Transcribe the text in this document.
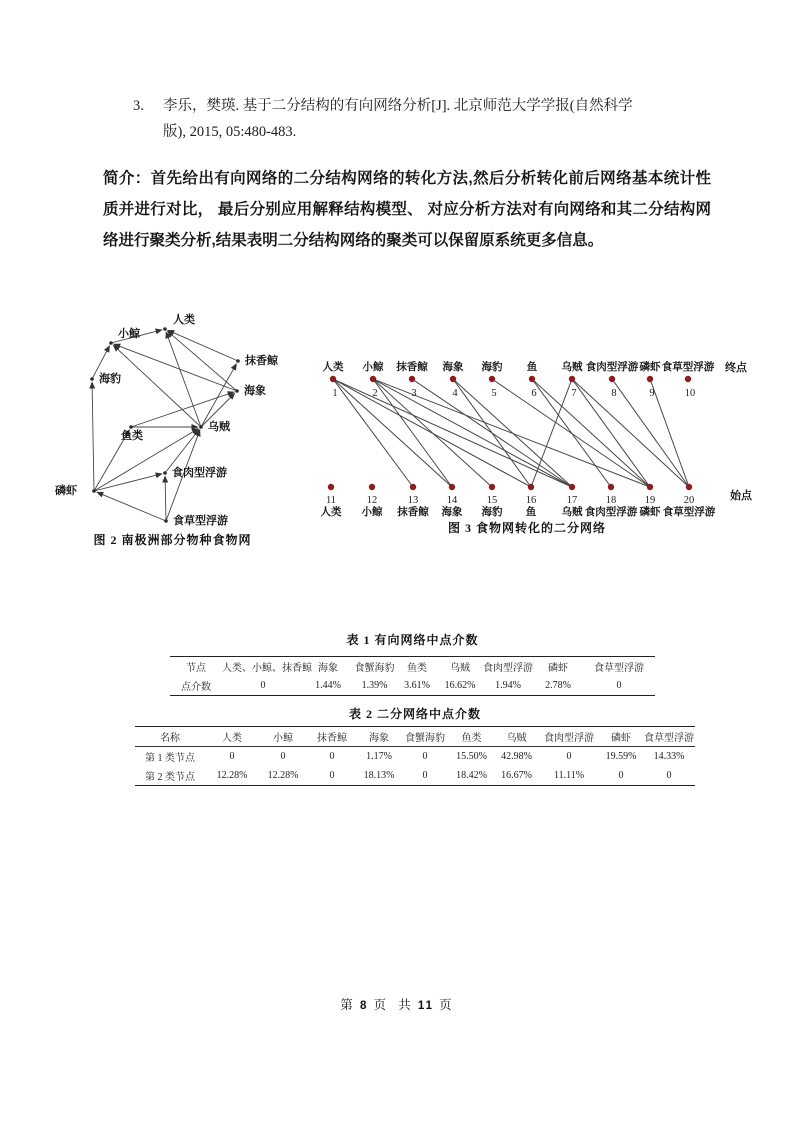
3. 李乐，樊瑛. 基于二分结构的有向网络分析[J]. 北京师范大学学报(自然科学
版), 2015, 05:480-483.

简介：首先给出有向网络的二分结构网络的转化方法,然后分析转化前后网络基本统计性质并进行对比， 最后分别应用解释结构模型、 对应分析方法对有向网络和其二分结构网络进行聚类分析,结果表明二分结构网络的聚类可以保留原系统更多信息。

人类
小鲸
抹香鲸
海豹
海象
乌贼
鱼类
食肉型浮游
磷虾
食草型浮游
图 2 南极洲部分物种食物网
人类
1
11
人类
小鲸
2
12
小鲸
抹香鲸
3
13
抹香鲸
海象
4
14
海象
海豹
5
15
海豹
鱼
6
16
鱼
乌贼
7
17
乌贼
食肉型浮游
8
18
食肉型浮游
磷虾
9
19
磷虾
食草型浮游
10
20
食草型浮游
终点
始点
图 3 食物网转化的二分网络
表 1 有向网络中点介数
节点	人类、小鲸、抹香鲸	海象	食蟹海豹	鱼类	乌贼	食肉型浮游	磷虾	食草型浮游
点介数	0	1.44%	1.39%	3.61%	16.62%	1.94%	2.78%	0
表 2 二分网络中点介数
名称	人类	小鲸	抹香鲸	海象	食蟹海豹	鱼类	乌贼	食肉型浮游	磷虾	食草型浮游
第 1 类节点	0	0	0	1.17%	0	15.50%	42.98%	0	19.59%	14.33%
第 2 类节点	12.28%	12.28%	0	18.13%	0	18.42%	16.67%	11.11%	0	0
第 8 页 共 11 页
